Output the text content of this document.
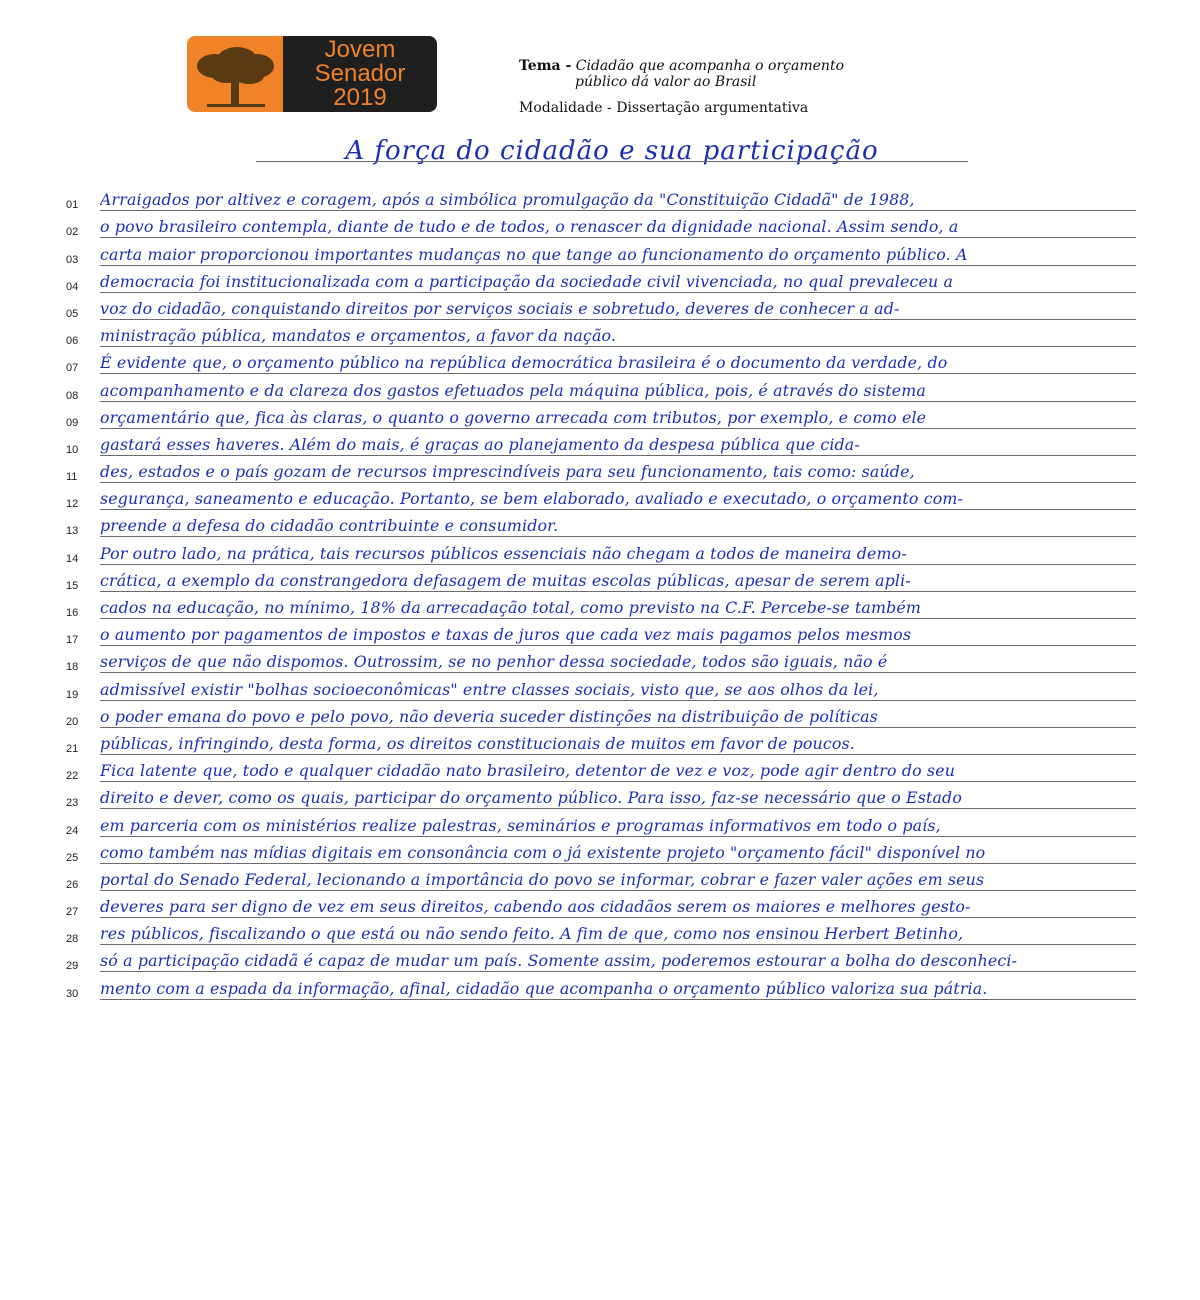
Jovem
Senador
2019
Tema - Cidadão que acompanha o orçamento
público dá valor ao Brasil
Modalidade - Dissertação argumentativa
A força do cidadão e sua participação
01	Arraigados por altivez e coragem, após a simbólica promulgação da "Constituição Cidadã" de 1988,
02	o povo brasileiro contempla, diante de tudo e de todos, o renascer da dignidade nacional. Assim sendo, a
03	carta maior proporcionou importantes mudanças no que tange ao funcionamento do orçamento público. A
04	democracia foi institucionalizada com a participação da sociedade civil vivenciada, no qual prevaleceu a
05	voz do cidadão, conquistando direitos por serviços sociais e sobretudo, deveres de conhecer a ad-
06	ministração pública, mandatos e orçamentos, a favor da nação.
07	É evidente que, o orçamento público na república democrática brasileira é o documento da verdade, do
08	acompanhamento e da clareza dos gastos efetuados pela máquina pública, pois, é através do sistema
09	orçamentário que, fica às claras, o quanto o governo arrecada com tributos, por exemplo, e como ele
10	gastará esses haveres. Além do mais, é graças ao planejamento da despesa pública que cida-
11	des, estados e o país gozam de recursos imprescindíveis para seu funcionamento, tais como: saúde,
12	segurança, saneamento e educação. Portanto, se bem elaborado, avaliado e executado, o orçamento com-
13	preende a defesa do cidadão contribuinte e consumidor.
14	Por outro lado, na prática, tais recursos públicos essenciais não chegam a todos de maneira demo-
15	crática, a exemplo da constrangedora defasagem de muitas escolas públicas, apesar de serem apli-
16	cados na educação, no mínimo, 18% da arrecadação total, como previsto na C.F. Percebe-se também
17	o aumento por pagamentos de impostos e taxas de juros que cada vez mais pagamos pelos mesmos
18	serviços de que não dispomos. Outrossim, se no penhor dessa sociedade, todos são iguais, não é
19	admissível existir "bolhas socioeconômicas" entre classes sociais, visto que, se aos olhos da lei,
20	o poder emana do povo e pelo povo, não deveria suceder distinções na distribuição de políticas
21	públicas, infringindo, desta forma, os direitos constitucionais de muitos em favor de poucos.
22	Fica latente que, todo e qualquer cidadão nato brasileiro, detentor de vez e voz, pode agir dentro do seu
23	direito e dever, como os quais, participar do orçamento público. Para isso, faz-se necessário que o Estado
24	em parceria com os ministérios realize palestras, seminários e programas informativos em todo o país,
25	como também nas mídias digitais em consonância com o já existente projeto "orçamento fácil" disponível no
26	portal do Senado Federal, lecionando a importância do povo se informar, cobrar e fazer valer ações em seus
27	deveres para ser digno de vez em seus direitos, cabendo aos cidadãos serem os maiores e melhores gesto-
28	res públicos, fiscalizando o que está ou não sendo feito. A fim de que, como nos ensinou Herbert Betinho,
29	só a participação cidadã é capaz de mudar um país. Somente assim, poderemos estourar a bolha do desconheci-
30	mento com a espada da informação, afinal, cidadão que acompanha o orçamento público valoriza sua pátria.
